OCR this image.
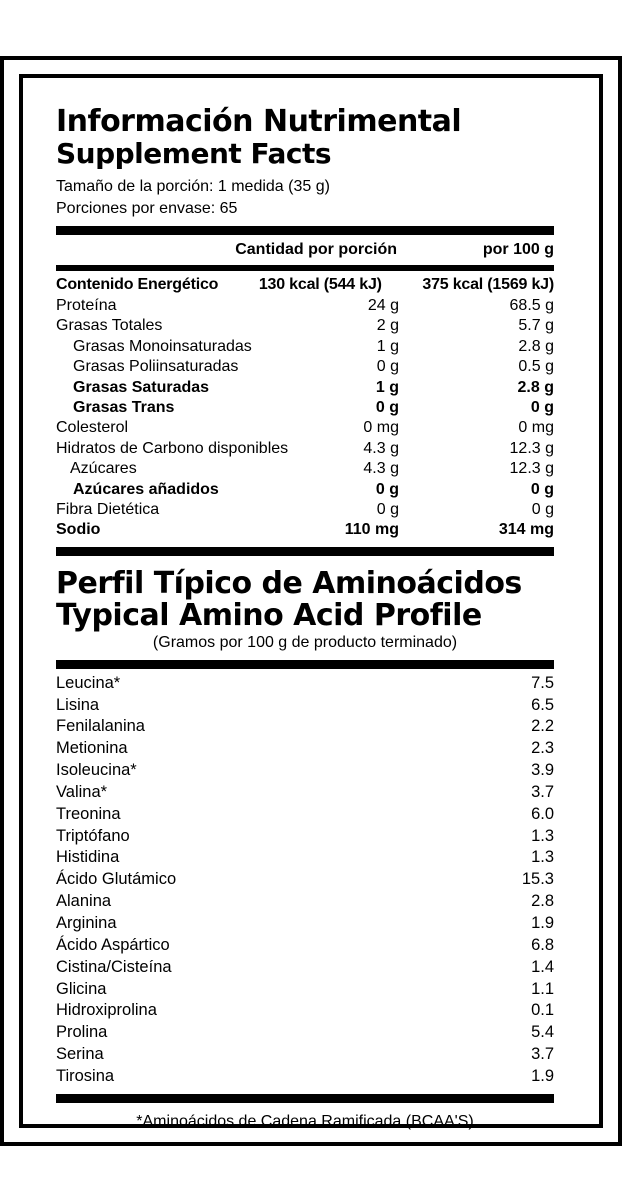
Información Nutrimental
Supplement Facts
Tamaño de la porción: 1 medida (35 g)
Porciones por envase: 65
Cantidad por porción	por 100 g
Contenido Energético	130 kcal (544 kJ)	375 kcal (1569 kJ)
Proteína	24 g	68.5 g
Grasas Totales	2 g	5.7 g
Grasas Monoinsaturadas	1 g	2.8 g
Grasas Poliinsaturadas	0 g	0.5 g
Grasas Saturadas	1 g	2.8 g
Grasas Trans	0 g	0 g
Colesterol	0 mg	0 mg
Hidratos de Carbono disponibles	4.3 g	12.3 g
Azúcares	4.3 g	12.3 g
Azúcares añadidos	0 g	0 g
Fibra Dietética	0 g	0 g
Sodio	110 mg	314 mg
Perfil Típico de Aminoácidos
Typical Amino Acid Profile
(Gramos por 100 g de producto terminado)
Leucina*	7.5
Lisina	6.5
Fenilalanina	2.2
Metionina	2.3
Isoleucina*	3.9
Valina*	3.7
Treonina	6.0
Triptófano	1.3
Histidina	1.3
Ácido Glutámico	15.3
Alanina	2.8
Arginina	1.9
Ácido Aspártico	6.8
Cistina/Cisteína	1.4
Glicina	1.1
Hidroxiprolina	0.1
Prolina	5.4
Serina	3.7
Tirosina	1.9
*Aminoácidos de Cadena Ramificada (BCAA'S)
